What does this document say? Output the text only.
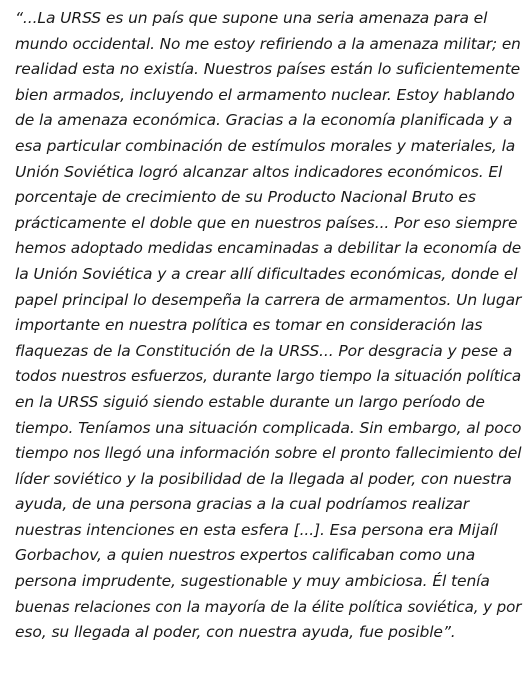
“...La URSS es un país que supone una seria amenaza para el
mundo occidental. No me estoy refiriendo a la amenaza militar; en
realidad esta no existía. Nuestros países están lo suficientemente
bien armados, incluyendo el armamento nuclear. Estoy hablando
de la amenaza económica. Gracias a la economía planificada y a
esa particular combinación de estímulos morales y materiales, la
Unión Soviética logró alcanzar altos indicadores económicos. El
porcentaje de crecimiento de su Producto Nacional Bruto es
prácticamente el doble que en nuestros países... Por eso siempre
hemos adoptado medidas encaminadas a debilitar la economía de
la Unión Soviética y a crear allí dificultades económicas, donde el
papel principal lo desempeña la carrera de armamentos. Un lugar
importante en nuestra política es tomar en consideración las
flaquezas de la Constitución de la URSS... Por desgracia y pese a
todos nuestros esfuerzos, durante largo tiempo la situación política
en la URSS siguió siendo estable durante un largo período de
tiempo. Teníamos una situación complicada. Sin embargo, al poco
tiempo nos llegó una información sobre el pronto fallecimiento del
líder soviético y la posibilidad de la llegada al poder, con nuestra
ayuda, de una persona gracias a la cual podríamos realizar
nuestras intenciones en esta esfera [...]. Esa persona era Mijaíl
Gorbachov, a quien nuestros expertos calificaban como una
persona imprudente, sugestionable y muy ambiciosa. Él tenía
buenas relaciones con la mayoría de la élite política soviética, y por
eso, su llegada al poder, con nuestra ayuda, fue posible”.
